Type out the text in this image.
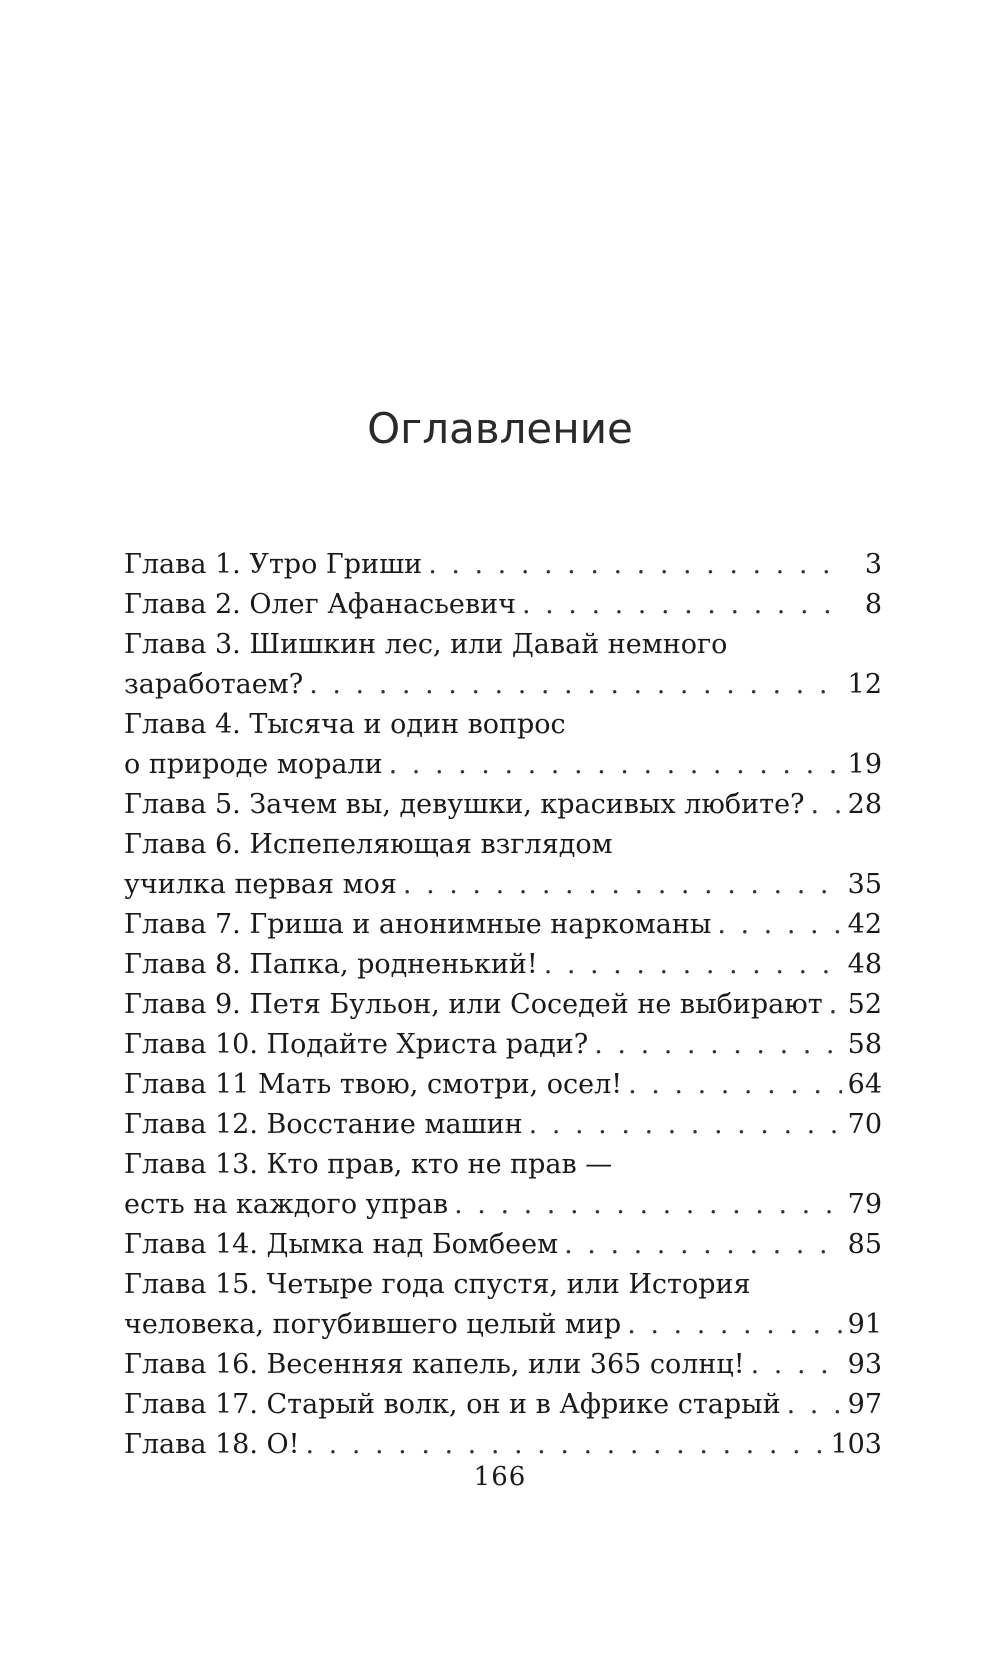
Оглавление
Глава 1. Утро Гриши . . .	3
Глава 2. Олег Афанасьевич . . .	8
Глава 3. Шишкин лес, или Давай немного
заработаем? . . .	12
Глава 4. Тысяча и один вопрос
о природе морали . . .	19
Глава 5. Зачем вы, девушки, красивых любите? . . . 28
Глава 6. Испепеляющая взглядом
училка первая моя . . .	35
Глава 7. Гриша и анонимные наркоманы . . .	42
Глава 8. Папка, родненький! . . .	48
Глава 9. Петя Бульон, или Соседей не выбирают . . . 52
Глава 10. Подайте Христа ради? . . .	58
Глава 11 Мать твою, смотри, осел! . . .	64
Глава 12. Восстание машин . . .	70
Глава 13. Кто прав, кто не прав —
есть на каждого управ . . .	79
Глава 14. Дымка над Бомбеем . . .	85
Глава 15. Четыре года спустя, или История
человека, погубившего целый мир . . .	91
Глава 16. Весенняя капель, или 365 солнц! . . .	93
Глава 17. Старый волк, он и в Африке старый . . . 97
Глава 18. О! . . .	103
166
